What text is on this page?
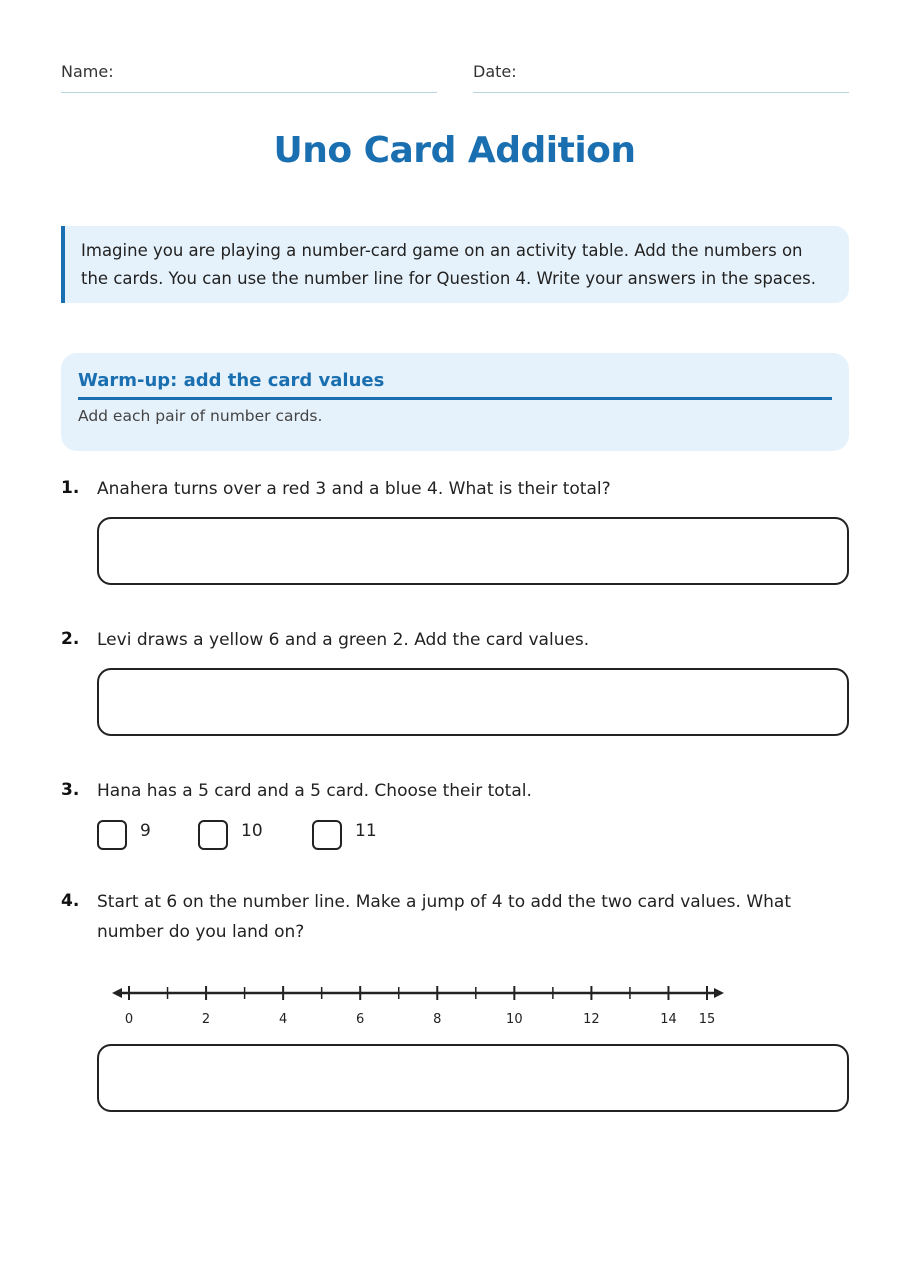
Name:	Date:
Uno Card Addition
Imagine you are playing a number-card game on an activity table. Add the numbers on the cards. You can use the number line for Question 4. Write your answers in the spaces.
Warm-up: add the card values
Add each pair of number cards.
1. Anahera turns over a red 3 and a blue 4. What is their total?
2. Levi draws a yellow 6 and a green 2. Add the card values.
3. Hana has a 5 card and a 5 card. Choose their total.
9	10	11
4. Start at 6 on the number line. Make a jump of 4 to add the two card values. What number do you land on?
0	2	4	6	8	10	12	14 15
